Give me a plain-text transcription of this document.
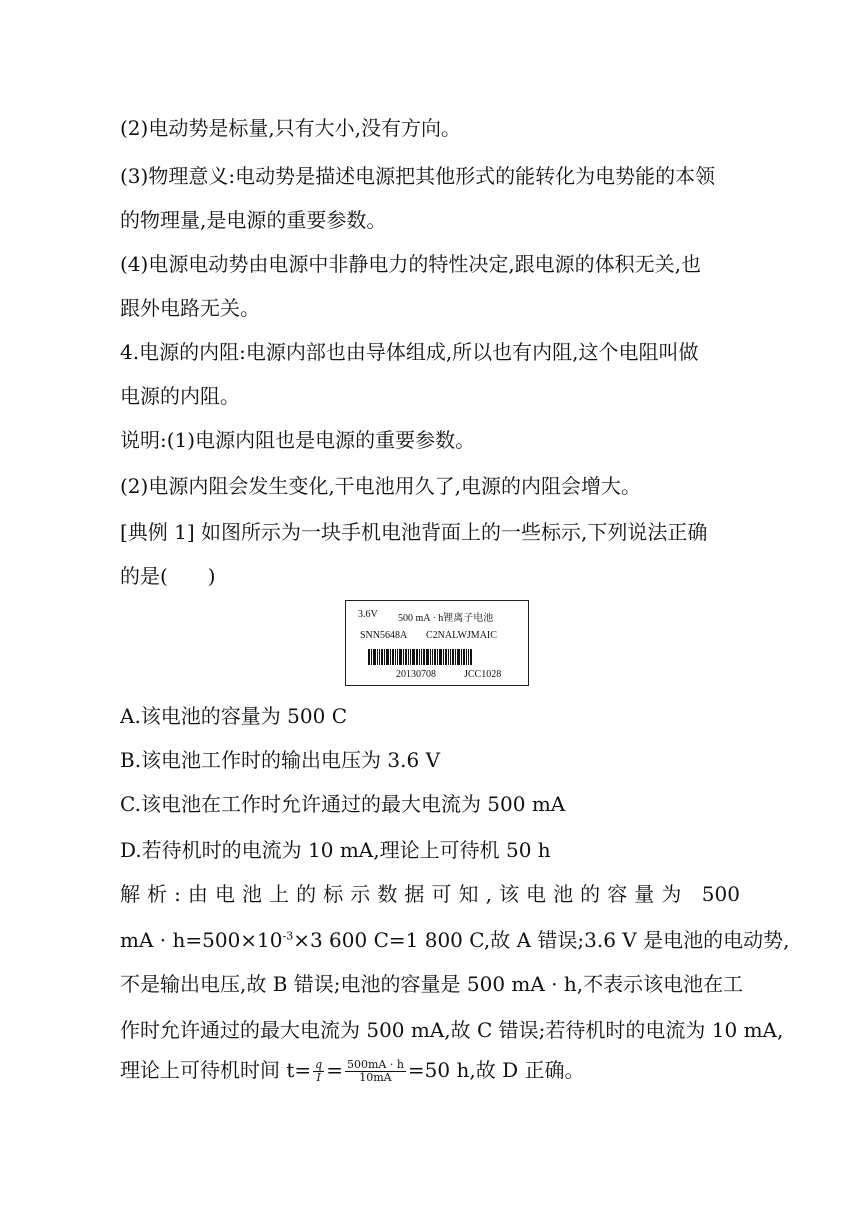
(2)电动势是标量,只有大小,没有方向。
(3)物理意义:电动势是描述电源把其他形式的能转化为电势能的本领
的物理量,是电源的重要参数。
(4)电源电动势由电源中非静电力的特性决定,跟电源的体积无关,也
跟外电路无关。
4.电源的内阻:电源内部也由导体组成,所以也有内阻,这个电阻叫做
电源的内阻。
说明:(1)电源内阻也是电源的重要参数。
(2)电源内阻会发生变化,干电池用久了,电源的内阻会增大。
[典例 1] 如图所示为一块手机电池背面上的一些标示,下列说法正确
的是(　　)
3.6V 500 mA · h锂离子电池
SNN5648A C2NALWJMAIC
20130708	JCC1028
A.该电池的容量为 500 C
B.该电池工作时的输出电压为 3.6 V
C.该电池在工作时允许通过的最大电流为 500 mA
D.若待机时的电流为 10 mA,理论上可待机 50 h
解析:由电池上的标示数据可知,该电池的容量为 500
mA · $h=500\times 10^{-3}\times 3$ 600 C=1 800 C,故 A 错误;3.6 V 是电池的电动势,
不是输出电压,故 B 错误;电池的容量是 500 mA · h,不表示该电池在工
作时允许通过的最大电流为 500 mA,故 C 错误;若待机时的电流为 10 mA,
理论上可待机时间 $t= \frac{q}{I} = \frac{500mA \cdot h}{10mA} =50$ h,故 D 正确。
